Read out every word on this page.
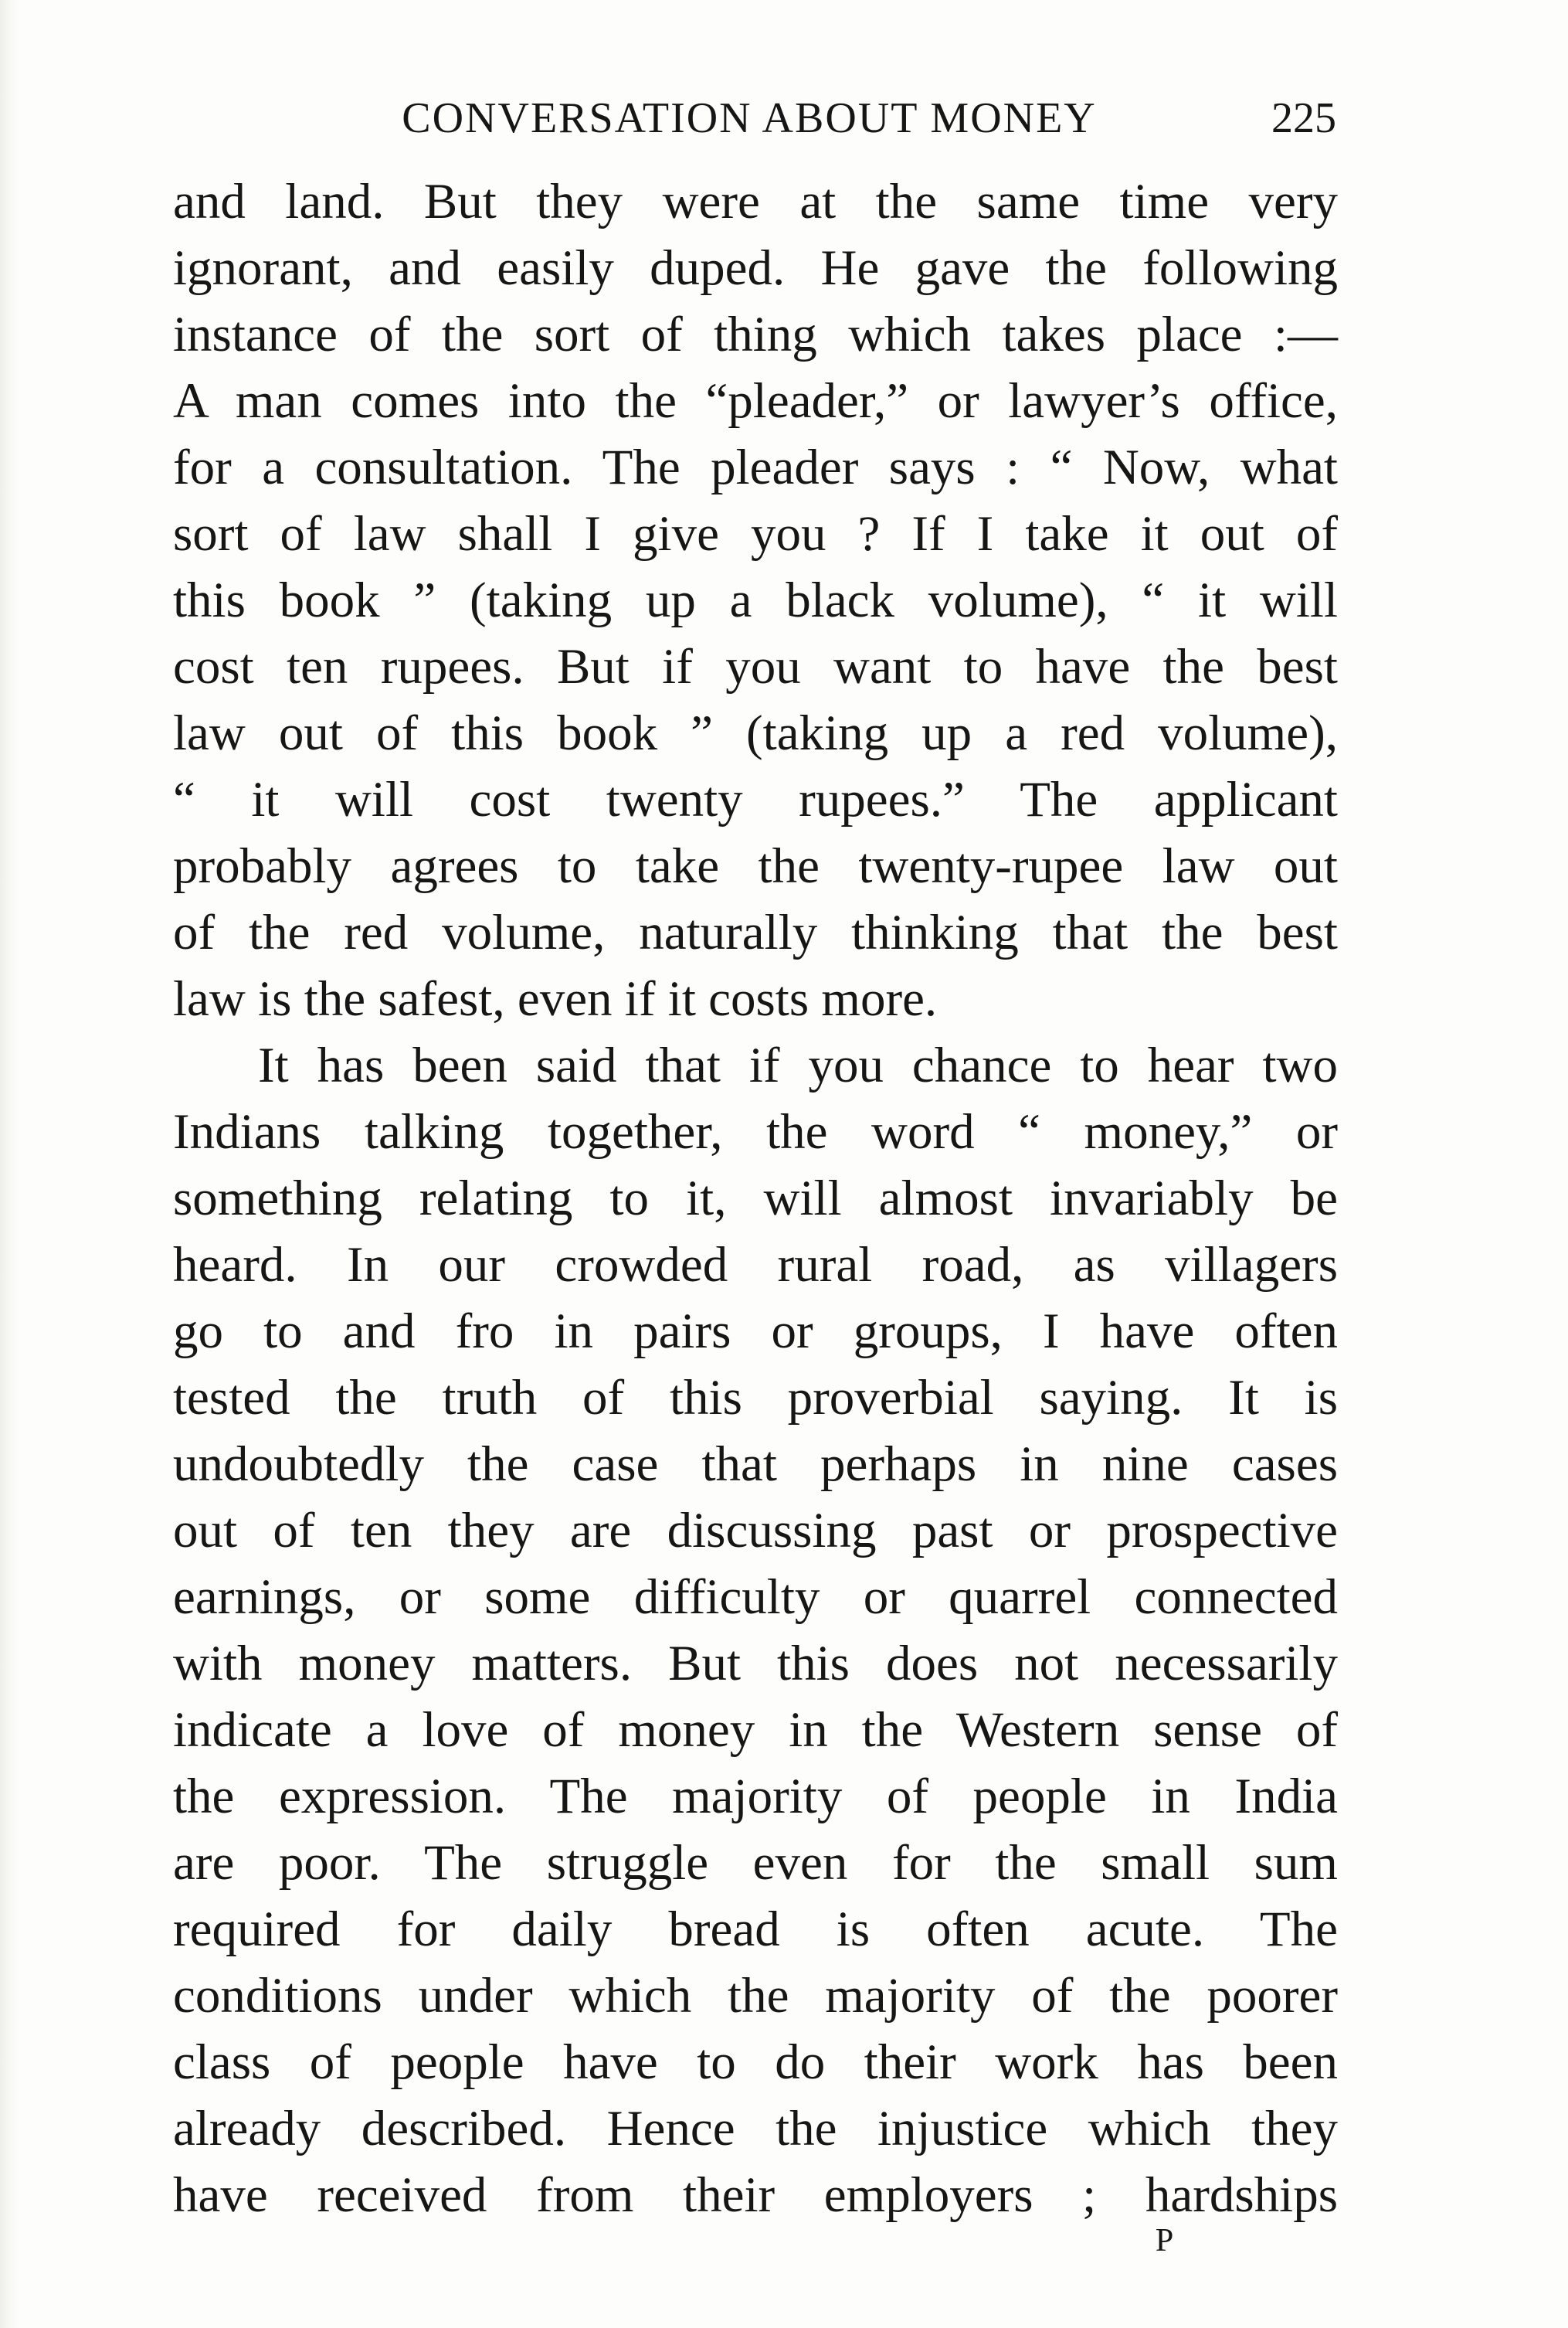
CONVERSATION ABOUT MONEY	225
and land. But they were at the same time very
ignorant, and easily duped. He gave the following
instance of the sort of thing which takes place :—
A man comes into the “pleader,” or lawyer’s office,
for a consultation. The pleader says : “ Now, what
sort of law shall I give you ? If I take it out of
this book ” (taking up a black volume), “ it will
cost ten rupees. But if you want to have the best
law out of this book ” (taking up a red volume),
“ it will cost twenty rupees.” The applicant
probably agrees to take the twenty-rupee law out
of the red volume, naturally thinking that the best
law is the safest, even if it costs more.
It has been said that if you chance to hear two
Indians talking together, the word “ money,” or
something relating to it, will almost invariably be
heard. In our crowded rural road, as villagers
go to and fro in pairs or groups, I have often
tested the truth of this proverbial saying. It is
undoubtedly the case that perhaps in nine cases
out of ten they are discussing past or prospective
earnings, or some difficulty or quarrel connected
with money matters. But this does not necessarily
indicate a love of money in the Western sense of
the expression. The majority of people in India
are poor. The struggle even for the small sum
required for daily bread is often acute. The
conditions under which the majority of the poorer
class of people have to do their work has been
already described. Hence the injustice which they
have received from their employers ; hardships
P
